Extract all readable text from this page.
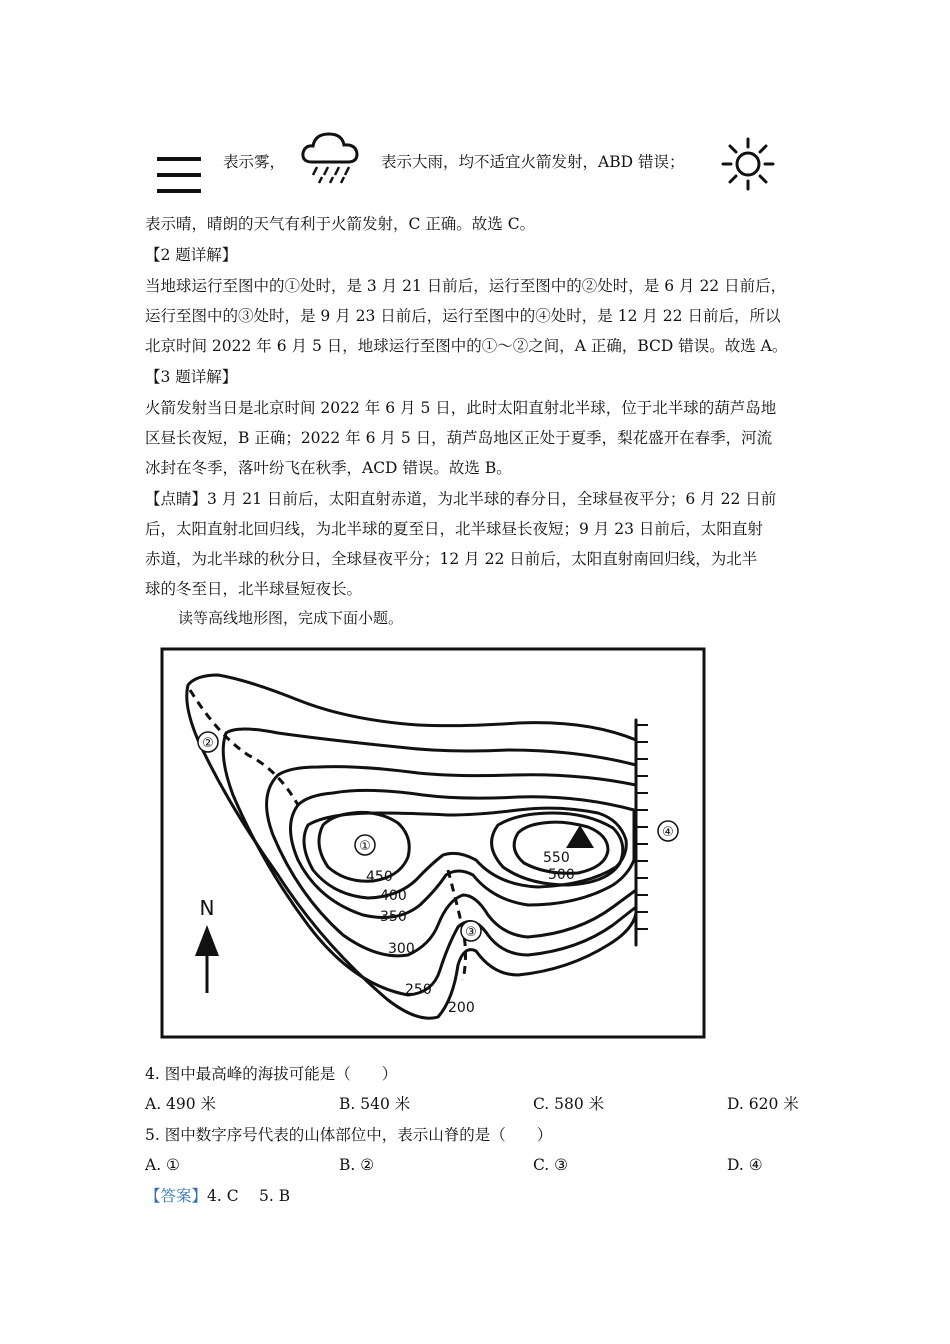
表示雾，	表示大雨，均不适宜火箭发射，ABD 错误；
表示晴，晴朗的天气有利于火箭发射，C 正确。故选 C。
【2 题详解】
当地球运行至图中的①处时，是 3 月 21 日前后，运行至图中的②处时，是 6 月 22 日前后，
运行至图中的③处时，是 9 月 23 日前后，运行至图中的④处时，是 12 月 22 日前后，所以
北京时间 2022 年 6 月 5 日，地球运行至图中的①～②之间，A 正确，BCD 错误。故选 A。
【3 题详解】
火箭发射当日是北京时间 2022 年 6 月 5 日，此时太阳直射北半球，位于北半球的葫芦岛地
区昼长夜短，B 正确；2022 年 6 月 5 日，葫芦岛地区正处于夏季，梨花盛开在春季，河流
冰封在冬季，落叶纷飞在秋季，ACD 错误。故选 B。
【点睛】3 月 21 日前后，太阳直射赤道，为北半球的春分日，全球昼夜平分；6 月 22 日前
后，太阳直射北回归线，为北半球的夏至日，北半球昼长夜短；9 月 23 日前后，太阳直射
赤道，为北半球的秋分日，全球昼夜平分；12 月 22 日前后，太阳直射南回归线，为北半
球的冬至日，北半球昼短夜长。
读等高线地形图，完成下面小题。
②
①
③
④
550
500
450
400
350
300
250
200
N
4. 图中最高峰的海拔可能是（　　）
A. 490 米	B. 540 米	C. 580 米	D. 620 米
5. 图中数字序号代表的山体部位中，表示山脊的是（　　）
A. ①	B. ②	C. ③	D. ④
【答案】4. C　 5. B
